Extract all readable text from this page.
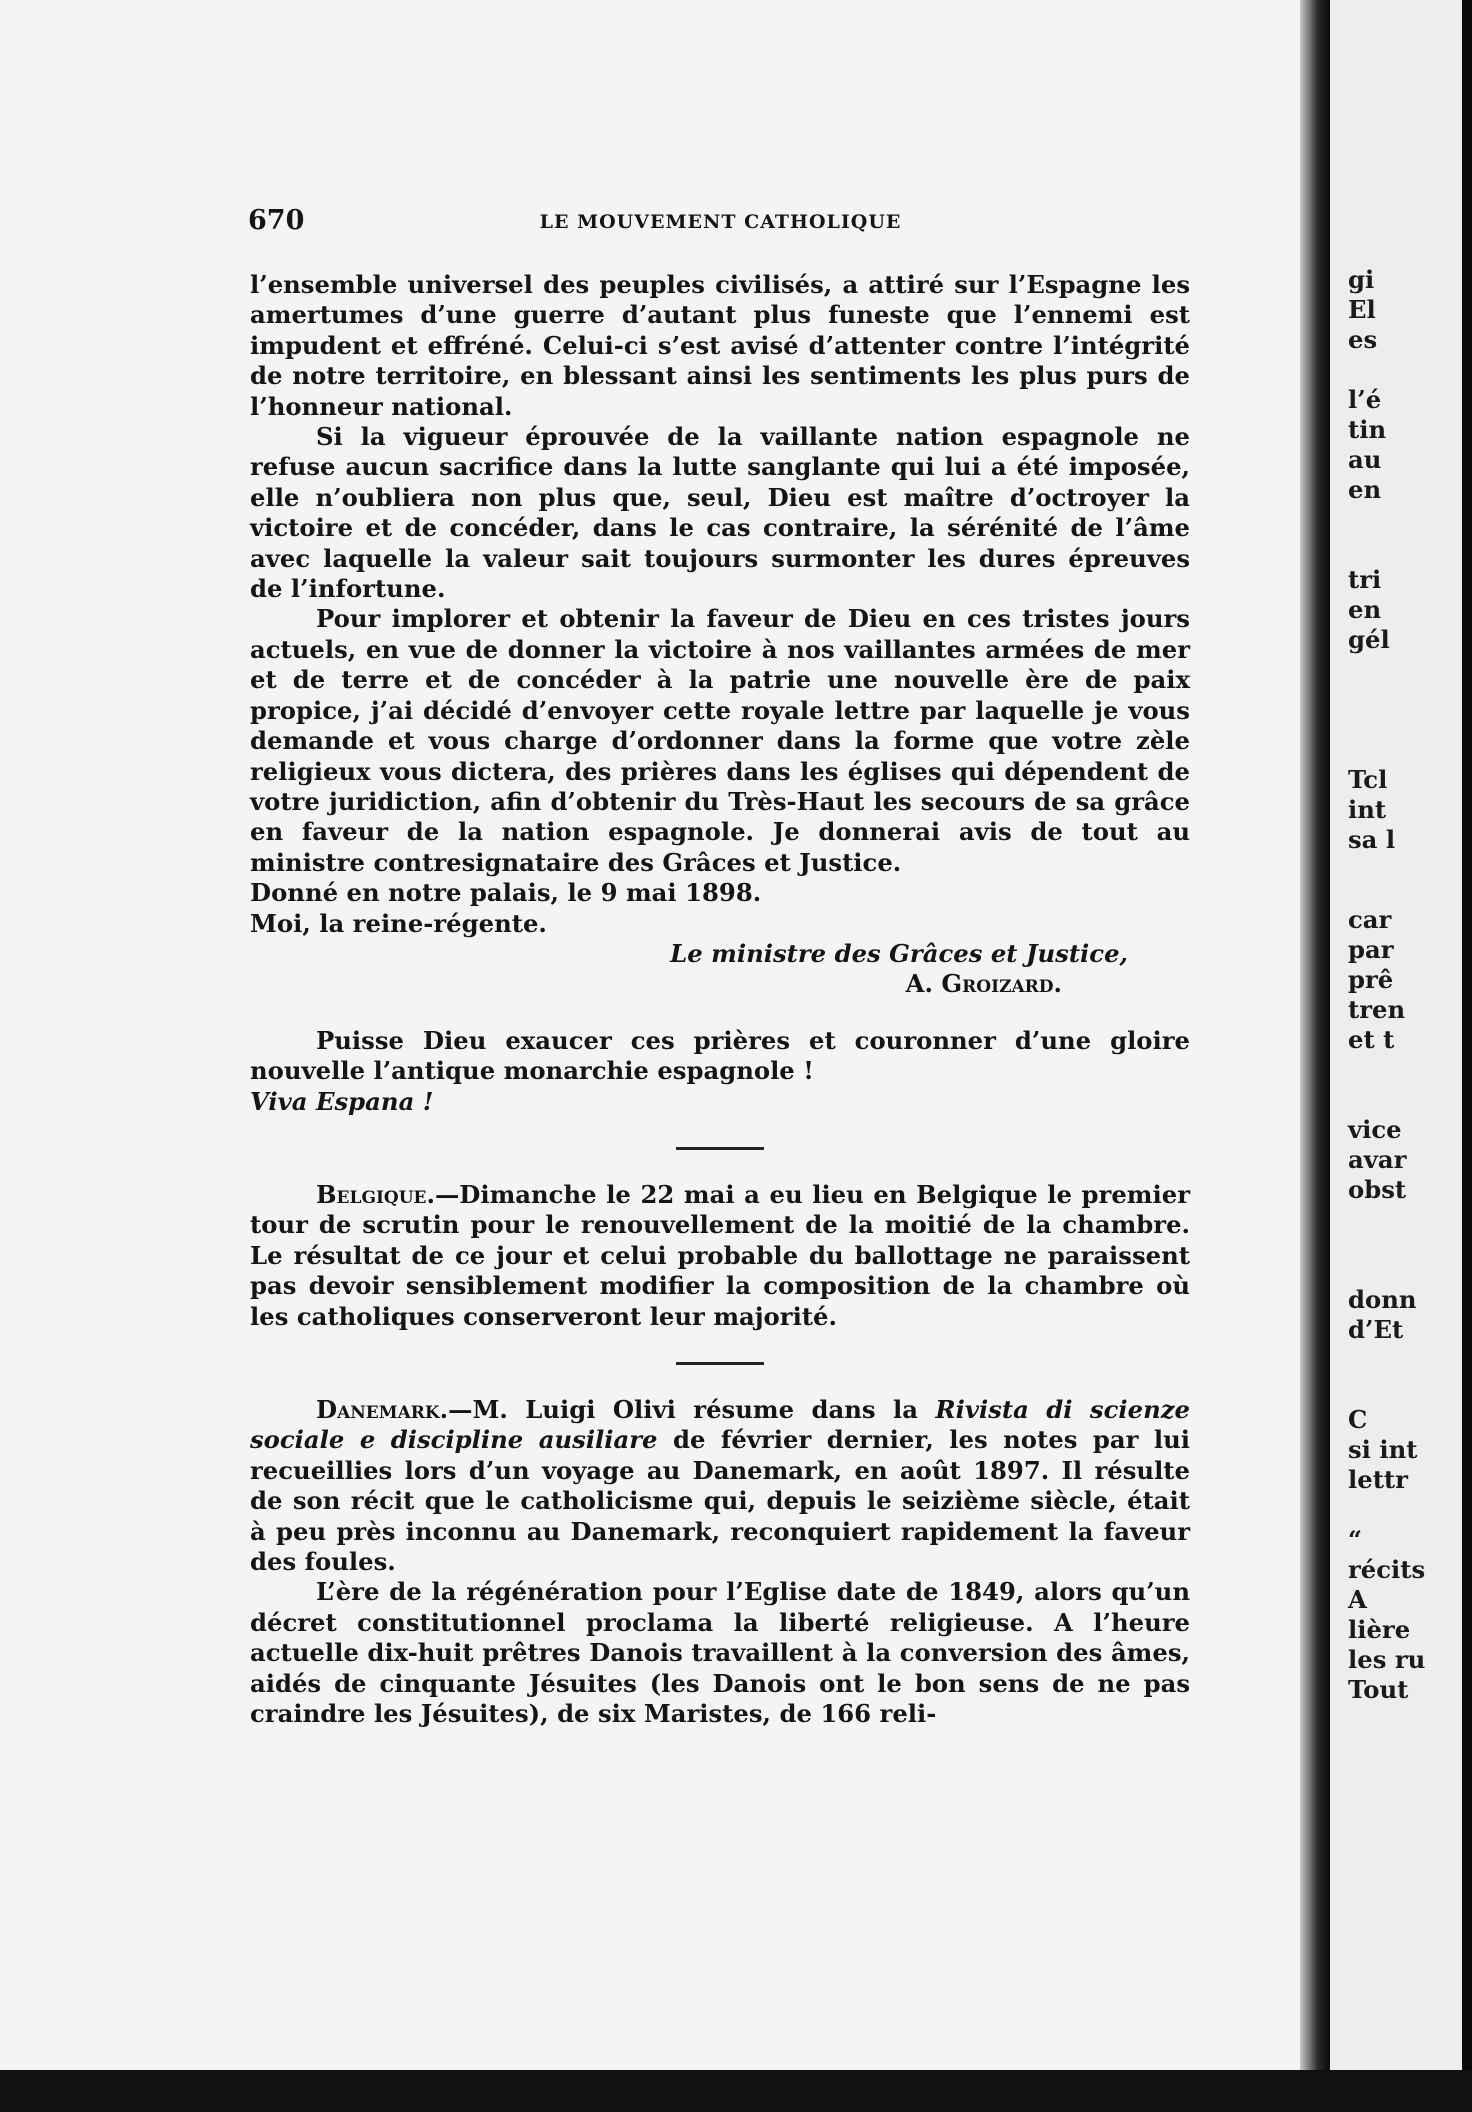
670	LE MOUVEMENT CATHOLIQUE

l’ensemble universel des peuples civilisés, a attiré sur l’Espagne les amertumes d’une guerre d’autant plus funeste que l’ennemi est impudent et effréné. Celui-ci s’est avisé d’attenter contre l’intégrité de notre territoire, en blessant ainsi les sentiments les plus purs de l’honneur national.

Si la vigueur éprouvée de la vaillante nation espagnole ne refuse aucun sacrifice dans la lutte sanglante qui lui a été imposée, elle n’oubliera non plus que, seul, Dieu est maître d’octroyer la victoire et de concéder, dans le cas contraire, la sérénité de l’âme avec laquelle la valeur sait toujours surmonter les dures épreuves de l’infortune.

Pour implorer et obtenir la faveur de Dieu en ces tristes jours actuels, en vue de donner la victoire à nos vaillantes armées de mer et de terre et de concéder à la patrie une nouvelle ère de paix propice, j’ai décidé d’envoyer cette royale lettre par laquelle je vous demande et vous charge d’ordonner dans la forme que votre zèle religieux vous dictera, des prières dans les églises qui dépendent de votre juridiction, afin d’obtenir du Très-Haut les secours de sa grâce en faveur de la nation espagnole. Je donnerai avis de tout au ministre contresignataire des Grâces et Justice.

Donné en notre palais, le 9 mai 1898.

Moi, la reine-régente.

Le ministre des Grâces et Justice,

A. Groizard.

Puisse Dieu exaucer ces prières et couronner d’une gloire nouvelle l’antique monarchie espagnole !

Viva Espana !

Belgique.—Dimanche le 22 mai a eu lieu en Belgique le premier tour de scrutin pour le renouvellement de la moitié de la chambre. Le résultat de ce jour et celui probable du ballottage ne paraissent pas devoir sensiblement modifier la composition de la chambre où les catholiques conserveront leur majorité.

Danemark.—M. Luigi Olivi résume dans la Rivista di scienze sociale e discipline ausiliare de février dernier, les notes par lui recueillies lors d’un voyage au Danemark, en août 1897. Il résulte de son récit que le catholicisme qui, depuis le seizième siècle, était à peu près inconnu au Danemark, reconquiert rapidement la faveur des foules.

L’ère de la régénération pour l’Eglise date de 1849, alors qu’un décret constitutionnel proclama la liberté religieuse. A l’heure actuelle dix-huit prêtres Danois travaillent à la conversion des âmes, aidés de cinquante Jésuites (les Danois ont le bon sens de ne pas craindre les Jésuites), de six Maristes, de 166 reli-

gi
El
es
l’é
tin
au
en
tri
en
gél
Tcl
int
sa l
car
par
prê
tren
et t
vice
avar
obst
donn
d’Et
C
si int
lettr
“
récits
A
lière
les ru
Tout
